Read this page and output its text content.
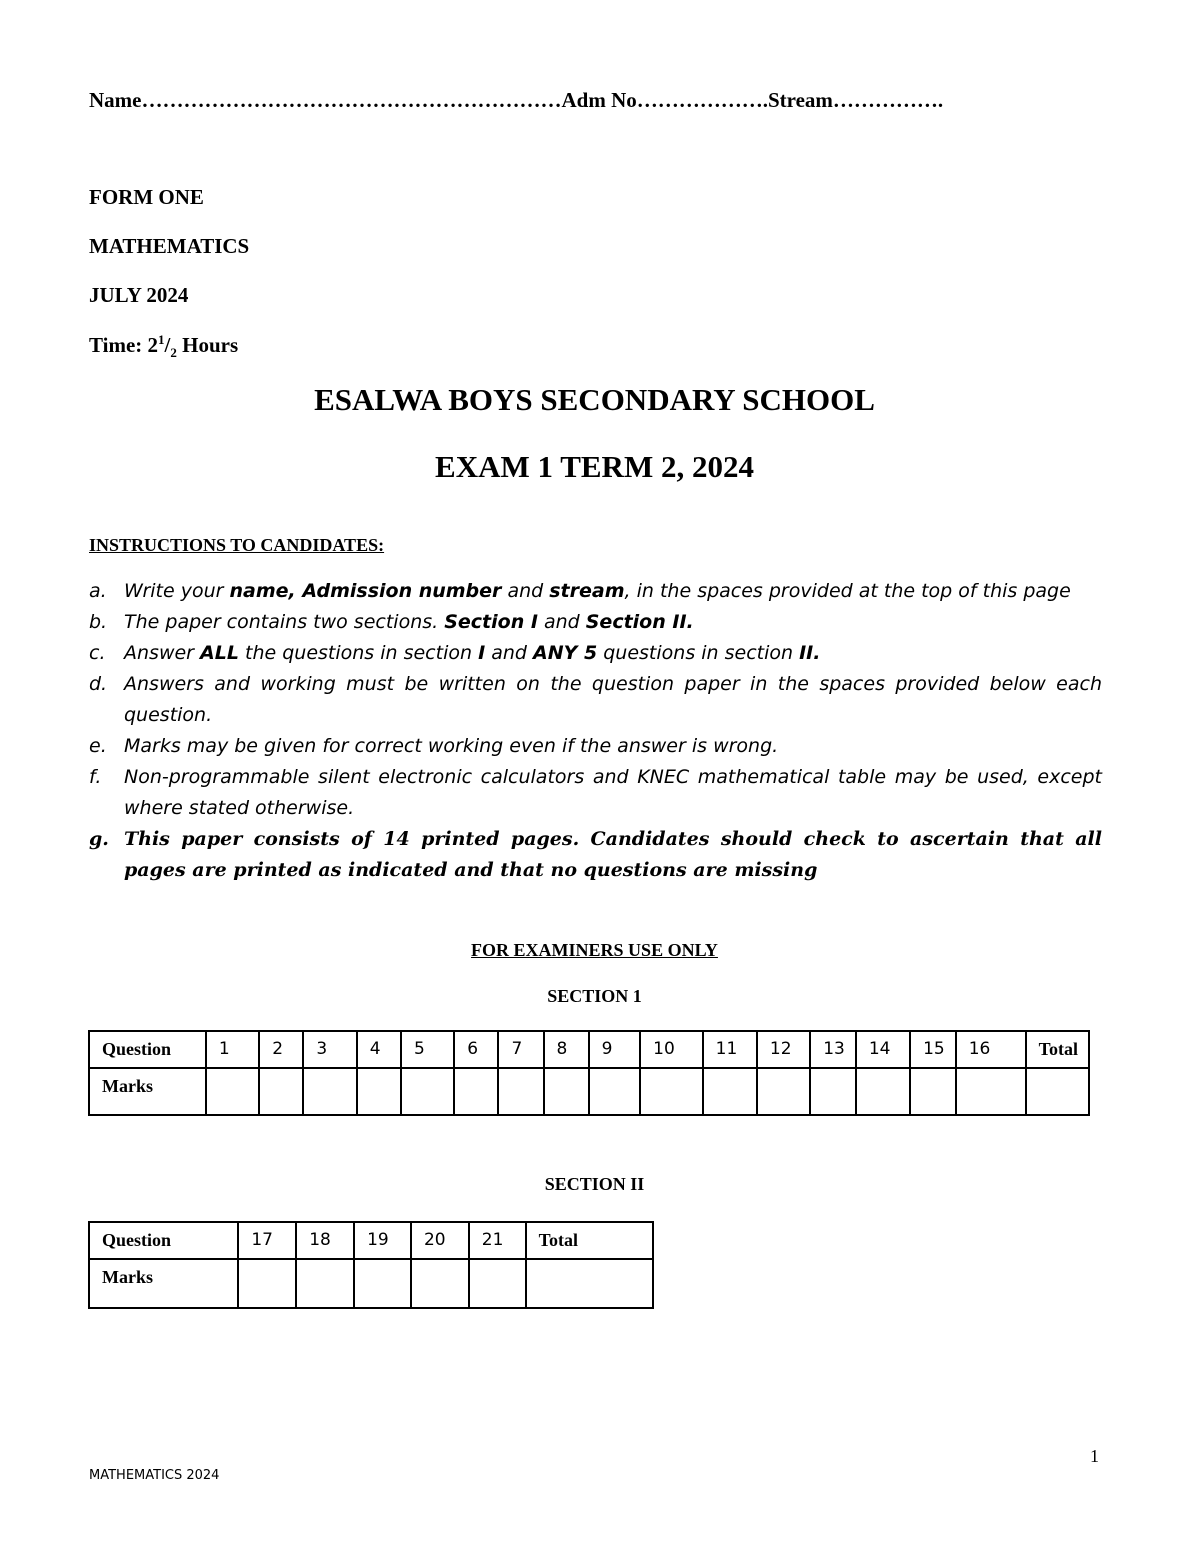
Name……………………………………………………Adm No……………….Stream…………….
FORM ONE
MATHEMATICS
JULY 2024
Time: $2^1/_2$ Hours
ESALWA BOYS SECONDARY SCHOOL
EXAM 1 TERM 2, 2024
INSTRUCTIONS TO CANDIDATES:
a. Write your name, Admission number and stream, in the spaces provided at the top of this page
b. The paper contains two sections. Section I and Section II.
c. Answer ALL the questions in section I and ANY 5 questions in section II.
d. Answers and working must be written on the question paper in the spaces provided below each question.
e. Marks may be given for correct working even if the answer is wrong.
f. Non-programmable silent electronic calculators and KNEC mathematical table may be used, except where stated otherwise.
g. This paper consists of 14 printed pages. Candidates should check to ascertain that all pages are printed as indicated and that no questions are missing
FOR EXAMINERS USE ONLY
SECTION 1
Question	1	2	3	4	5	6	7	8	9	10	11	12	13	14	15	16	Total
Marks																	
SECTION II
Question	17	18	19	20	21	Total
Marks						
1
MATHEMATICS 2024
